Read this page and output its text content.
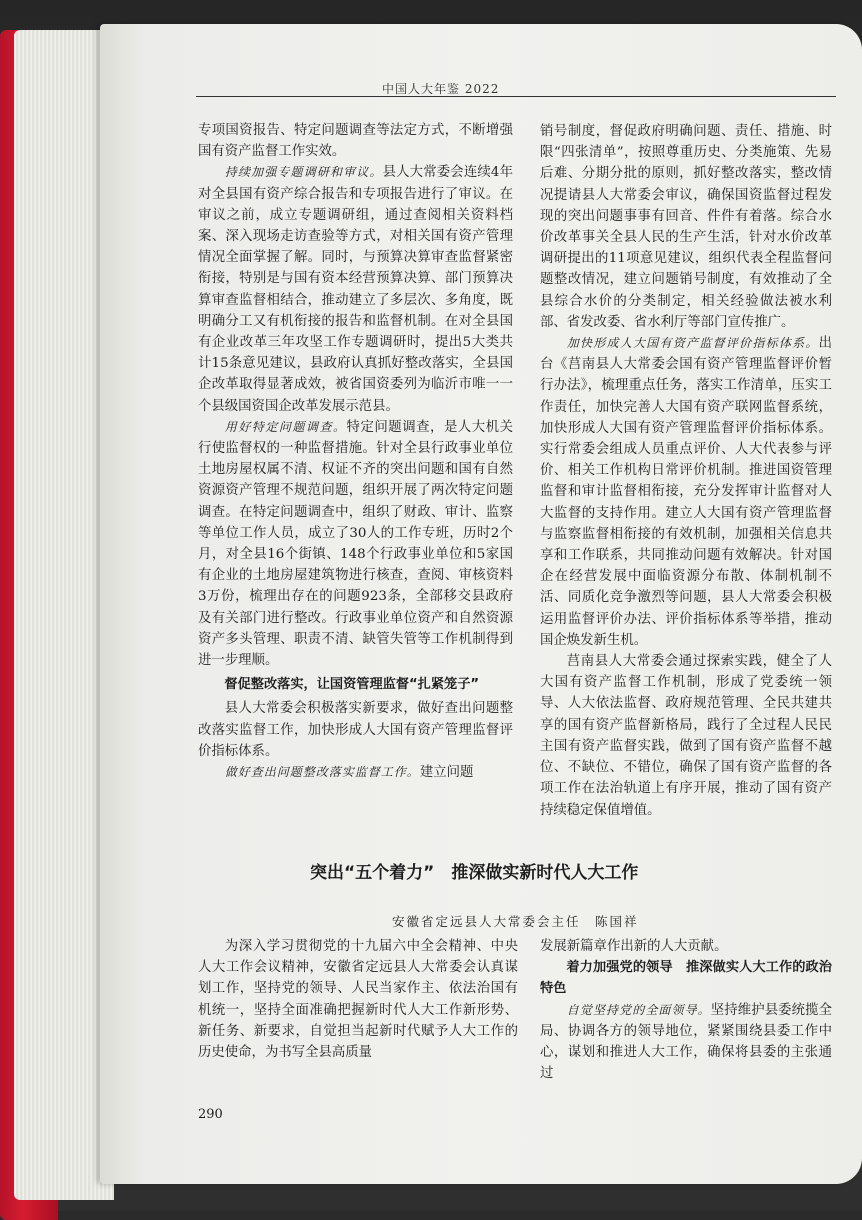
中国人大年鉴 2022

专项国资报告、特定问题调查等法定方式，不断增强国有资产监督工作实效。

持续加强专题调研和审议。县人大常委会连续4年对全县国有资产综合报告和专项报告进行了审议。在审议之前，成立专题调研组，通过查阅相关资料档案、深入现场走访查验等方式，对相关国有资产管理情况全面掌握了解。同时，与预算决算审查监督紧密衔接，特别是与国有资本经营预算决算、部门预算决算审查监督相结合，推动建立了多层次、多角度，既明确分工又有机衔接的报告和监督机制。在对全县国有企业改革三年攻坚工作专题调研时，提出5大类共计15条意见建议，县政府认真抓好整改落实，全县国企改革取得显著成效，被省国资委列为临沂市唯一一个县级国资国企改革发展示范县。

用好特定问题调查。特定问题调查，是人大机关行使监督权的一种监督措施。针对全县行政事业单位土地房屋权属不清、权证不齐的突出问题和国有自然资源资产管理不规范问题，组织开展了两次特定问题调查。在特定问题调查中，组织了财政、审计、监察等单位工作人员，成立了30人的工作专班，历时2个月，对全县16个街镇、148个行政事业单位和5家国有企业的土地房屋建筑物进行核查，查阅、审核资料3万份，梳理出存在的问题923条，全部移交县政府及有关部门进行整改。行政事业单位资产和自然资源资产多头管理、职责不清、缺管失管等工作机制得到进一步理顺。

督促整改落实，让国资管理监督“扎紧笼子”

县人大常委会积极落实新要求，做好查出问题整改落实监督工作，加快形成人大国有资产管理监督评价指标体系。

做好查出问题整改落实监督工作。建立问题

销号制度，督促政府明确问题、责任、措施、时限“四张清单”，按照尊重历史、分类施策、先易后难、分期分批的原则，抓好整改落实，整改情况提请县人大常委会审议，确保国资监督过程发现的突出问题事事有回音、件件有着落。综合水价改革事关全县人民的生产生活，针对水价改革调研提出的11项意见建议，组织代表全程监督问题整改情况，建立问题销号制度，有效推动了全县综合水价的分类制定，相关经验做法被水利部、省发改委、省水利厅等部门宣传推广。

加快形成人大国有资产监督评价指标体系。出台《莒南县人大常委会国有资产管理监督评价暂行办法》，梳理重点任务，落实工作清单，压实工作责任，加快完善人大国有资产联网监督系统，加快形成人大国有资产管理监督评价指标体系。实行常委会组成人员重点评价、人大代表参与评价、相关工作机构日常评价机制。推进国资管理监督和审计监督相衔接，充分发挥审计监督对人大监督的支持作用。建立人大国有资产管理监督与监察监督相衔接的有效机制，加强相关信息共享和工作联系，共同推动问题有效解决。针对国企在经营发展中面临资源分布散、体制机制不活、同质化竞争激烈等问题，县人大常委会积极运用监督评价办法、评价指标体系等举措，推动国企焕发新生机。

莒南县人大常委会通过探索实践，健全了人大国有资产监督工作机制，形成了党委统一领导、人大依法监督、政府规范管理、全民共建共享的国有资产监督新格局，践行了全过程人民民主国有资产监督实践，做到了国有资产监督不越位、不缺位、不错位，确保了国有资产监督的各项工作在法治轨道上有序开展，推动了国有资产持续稳定保值增值。

突出“五个着力”　推深做实新时代人大工作
安徽省定远县人大常委会主任　陈国祥

为深入学习贯彻党的十九届六中全会精神、中央人大工作会议精神，安徽省定远县人大常委会认真谋划工作，坚持党的领导、人民当家作主、依法治国有机统一，坚持全面准确把握新时代人大工作新形势、新任务、新要求，自觉担当起新时代赋予人大工作的历史使命，为书写全县高质量

发展新篇章作出新的人大贡献。

着力加强党的领导　推深做实人大工作的政治特色

自觉坚持党的全面领导。坚持维护县委统揽全局、协调各方的领导地位，紧紧围绕县委工作中心，谋划和推进人大工作，确保将县委的主张通过

290
